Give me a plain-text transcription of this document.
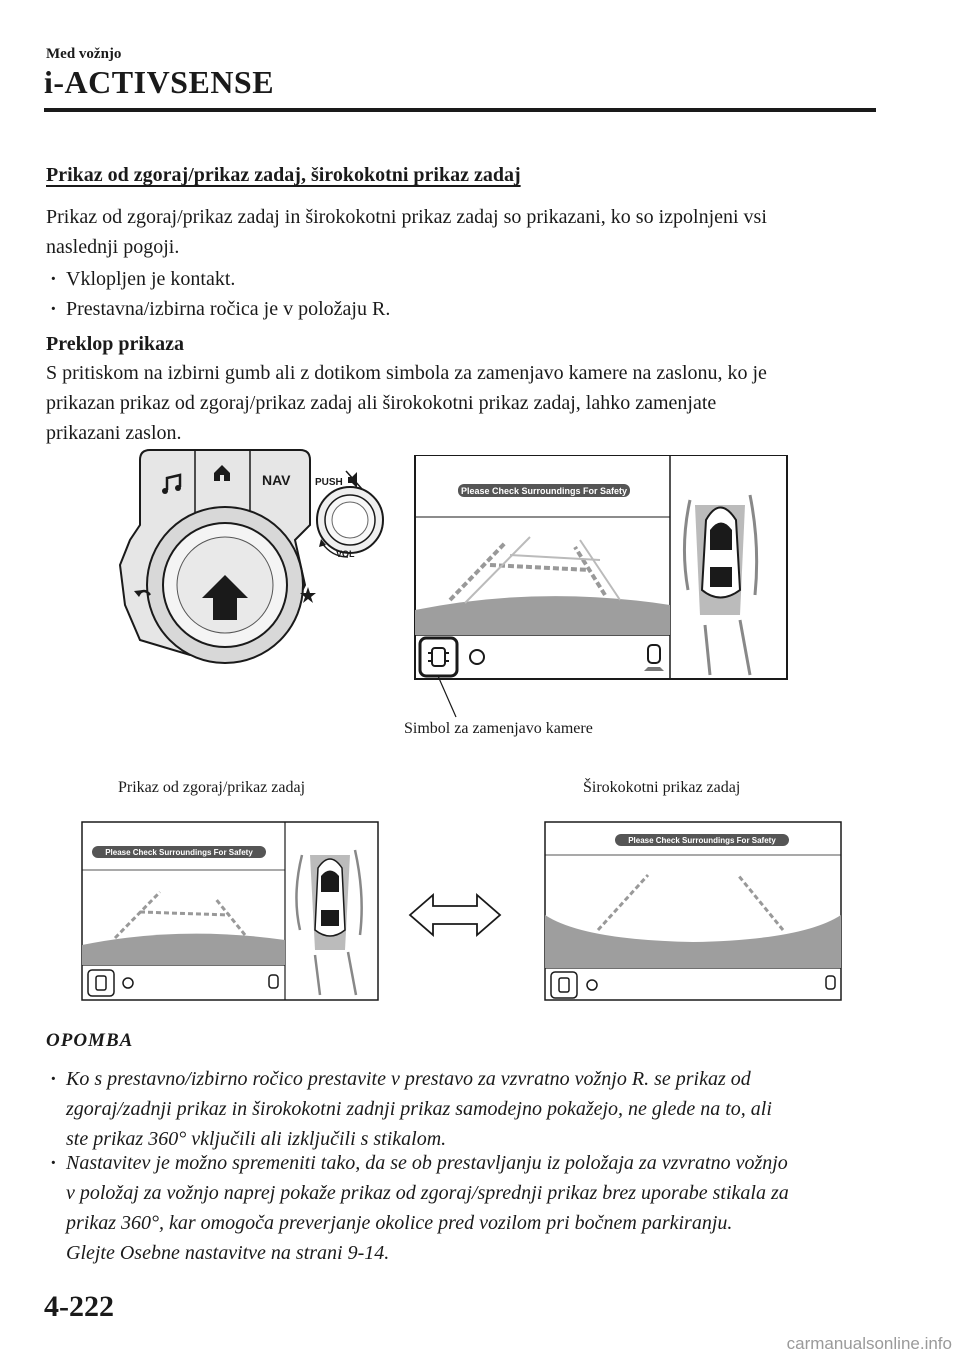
Med vožnjo
i-ACTIVSENSE
Prikaz od zgoraj/prikaz zadaj, širokokotni prikaz zadaj
Prikaz od zgoraj/prikaz zadaj in širokokotni prikaz zadaj so prikazani, ko so izpolnjeni vsi
naslednji pogoji.
· Vklopljen je kontakt.
· Prestavna/izbirna ročica je v položaju R.
Preklop prikaza
S pritiskom na izbirni gumb ali z dotikom simbola za zamenjavo kamere na zaslonu, ko je
prikazan prikaz od zgoraj/prikaz zadaj ali širokokotni prikaz zadaj, lahko zamenjate
prikazani zaslon.
NAV PUSH
VOL
Please Check Surroundings For Safety
Simbol za zamenjavo kamere
Prikaz od zgoraj/prikaz zadaj	Širokokotni prikaz zadaj
Please Check Surroundings For Safety
Please Check Surroundings For Safety
OPOMBA
· Ko s prestavno/izbirno ročico prestavite v prestavo za vzvratno vožnjo R. se prikaz od
zgoraj/zadnji prikaz in širokokotni zadnji prikaz samodejno pokažejo, ne glede na to, ali
ste prikaz 360° vključili ali izključili s stikalom.
· Nastavitev je možno spremeniti tako, da se ob prestavljanju iz položaja za vzvratno vožnjo
v položaj za vožnjo naprej pokaže prikaz od zgoraj/sprednji prikaz brez uporabe stikala za
prikaz 360°, kar omogoča preverjanje okolice pred vozilom pri bočnem parkiranju.
Glejte Osebne nastavitve na strani 9-14.
4-222
carmanualsonline.info
